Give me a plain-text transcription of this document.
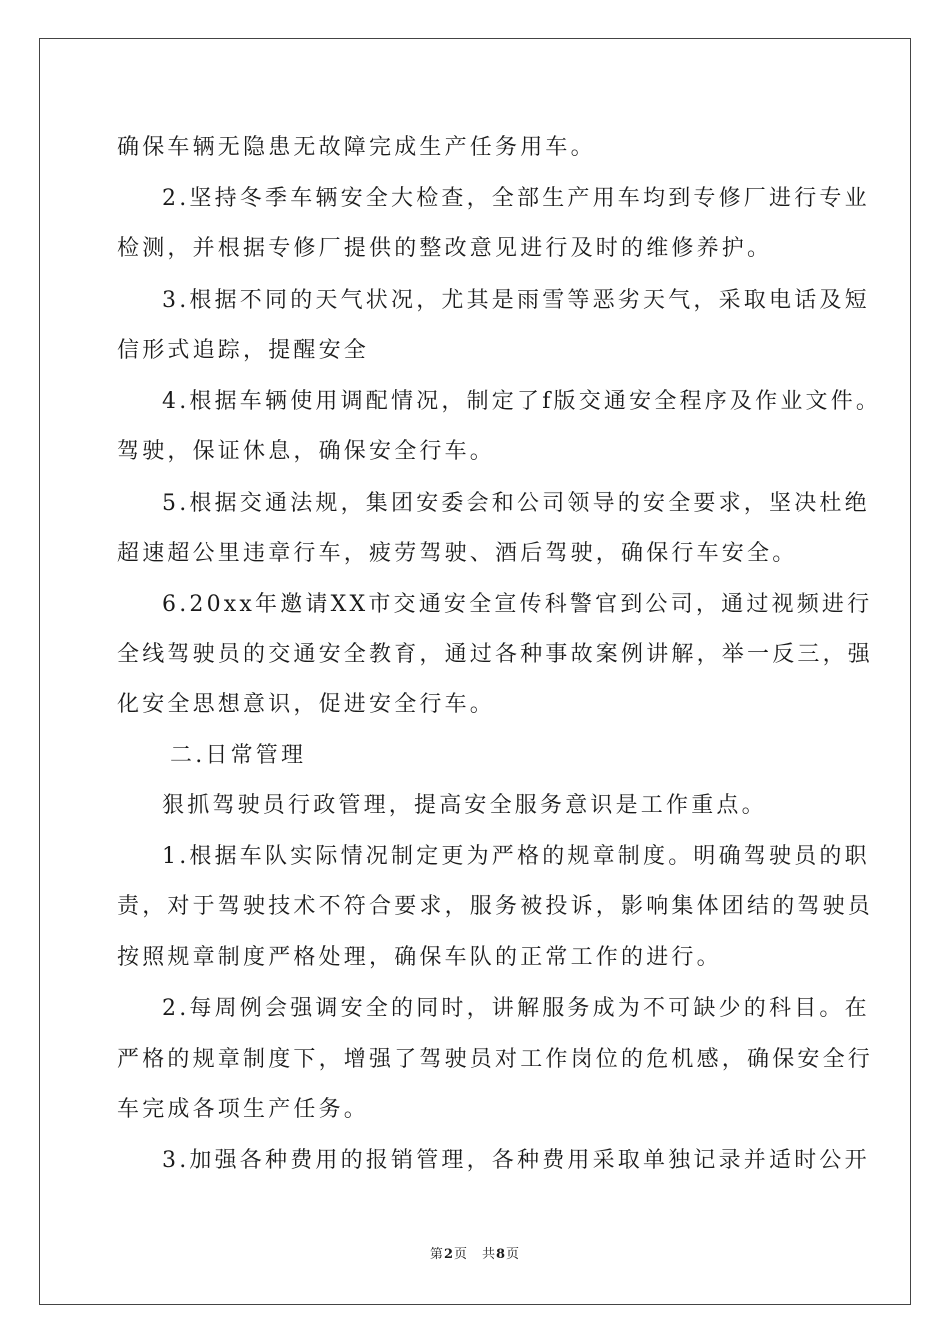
确保车辆无隐患无故障完成生产任务用车。
2.坚持冬季车辆安全大检查，全部生产用车均到专修厂进行专业
检测，并根据专修厂提供的整改意见进行及时的维修养护。
3.根据不同的天气状况，尤其是雨雪等恶劣天气，采取电话及短
信形式追踪，提醒安全
4.根据车辆使用调配情况，制定了f版交通安全程序及作业文件。
驾驶，保证休息，确保安全行车。
5.根据交通法规，集团安委会和公司领导的安全要求，坚决杜绝
超速超公里违章行车，疲劳驾驶、酒后驾驶，确保行车安全。
6.20xx年邀请XX市交通安全宣传科警官到公司，通过视频进行
全线驾驶员的交通安全教育，通过各种事故案例讲解，举一反三，强
化安全思想意识，促进安全行车。
二.日常管理
狠抓驾驶员行政管理，提高安全服务意识是工作重点。
1.根据车队实际情况制定更为严格的规章制度。明确驾驶员的职
责，对于驾驶技术不符合要求，服务被投诉，影响集体团结的驾驶员
按照规章制度严格处理，确保车队的正常工作的进行。
2.每周例会强调安全的同时，讲解服务成为不可缺少的科目。在
严格的规章制度下，增强了驾驶员对工作岗位的危机感，确保安全行
车完成各项生产任务。
3.加强各种费用的报销管理，各种费用采取单独记录并适时公开
第2页　共8页
